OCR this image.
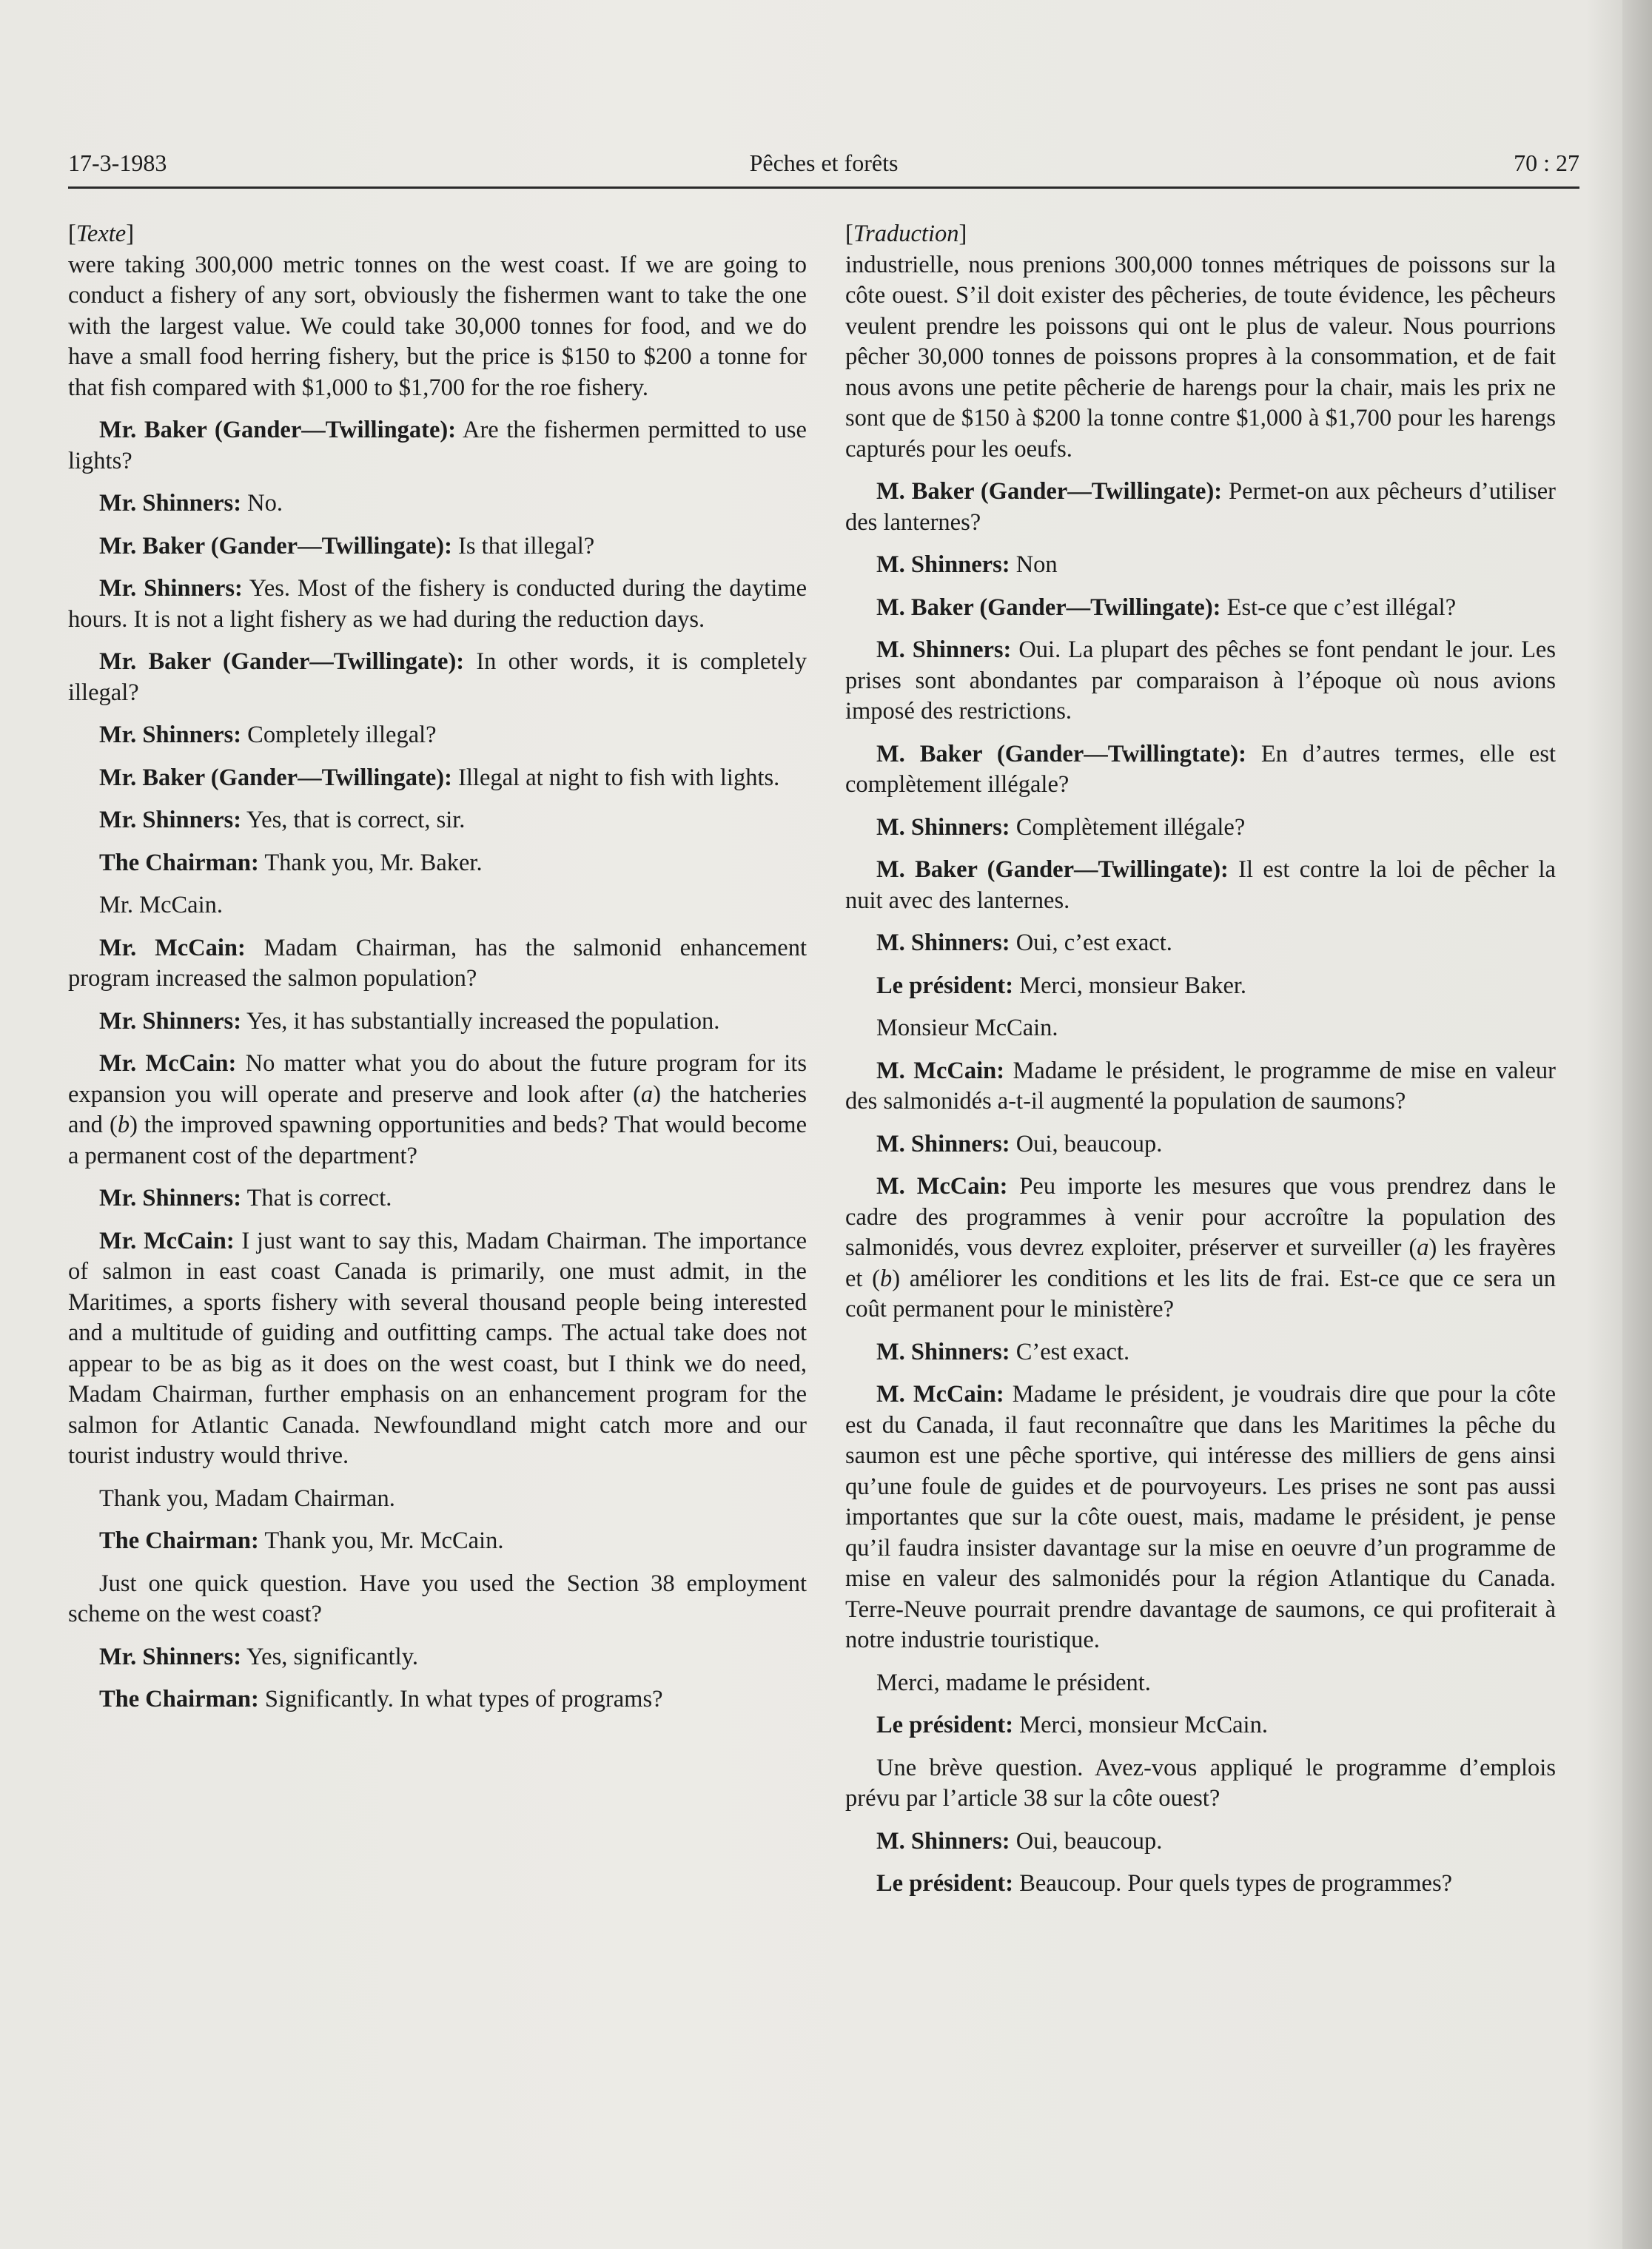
17-3-1983	Pêches et forêts	70 : 27

[Texte]

were taking 300,000 metric tonnes on the west coast. If we are going to conduct a fishery of any sort, obviously the fishermen want to take the one with the largest value. We could take 30,000 tonnes for food, and we do have a small food herring fishery, but the price is $150 to $200 a tonne for that fish compared with $1,000 to $1,700 for the roe fishery.

Mr. Baker (Gander—Twillingate): Are the fishermen permitted to use lights?

Mr. Shinners: No.

Mr. Baker (Gander—Twillingate): Is that illegal?

Mr. Shinners: Yes. Most of the fishery is conducted during the daytime hours. It is not a light fishery as we had during the reduction days.

Mr. Baker (Gander—Twillingate): In other words, it is completely illegal?

Mr. Shinners: Completely illegal?

Mr. Baker (Gander—Twillingate): Illegal at night to fish with lights.

Mr. Shinners: Yes, that is correct, sir.

The Chairman: Thank you, Mr. Baker.

Mr. McCain.

Mr. McCain: Madam Chairman, has the salmonid enhancement program increased the salmon population?

Mr. Shinners: Yes, it has substantially increased the population.

Mr. McCain: No matter what you do about the future program for its expansion you will operate and preserve and look after (a) the hatcheries and (b) the improved spawning opportunities and beds? That would become a permanent cost of the department?

Mr. Shinners: That is correct.

Mr. McCain: I just want to say this, Madam Chairman. The importance of salmon in east coast Canada is primarily, one must admit, in the Maritimes, a sports fishery with several thousand people being interested and a multitude of guiding and outfitting camps. The actual take does not appear to be as big as it does on the west coast, but I think we do need, Madam Chairman, further emphasis on an enhancement program for the salmon for Atlantic Canada. Newfoundland might catch more and our tourist industry would thrive.

Thank you, Madam Chairman.

The Chairman: Thank you, Mr. McCain.

Just one quick question. Have you used the Section 38 employment scheme on the west coast?

Mr. Shinners: Yes, significantly.

The Chairman: Significantly. In what types of programs?

[Traduction]

industrielle, nous prenions 300,000 tonnes métriques de poissons sur la côte ouest. S’il doit exister des pêcheries, de toute évidence, les pêcheurs veulent prendre les poissons qui ont le plus de valeur. Nous pourrions pêcher 30,000 tonnes de poissons propres à la consommation, et de fait nous avons une petite pêcherie de harengs pour la chair, mais les prix ne sont que de $150 à $200 la tonne contre $1,000 à $1,700 pour les harengs capturés pour les oeufs.

M. Baker (Gander—Twillingate): Permet-on aux pêcheurs d’utiliser des lanternes?

M. Shinners: Non

M. Baker (Gander—Twillingate): Est-ce que c’est illégal?

M. Shinners: Oui. La plupart des pêches se font pendant le jour. Les prises sont abondantes par comparaison à l’époque où nous avions imposé des restrictions.

M. Baker (Gander—Twillingtate): En d’autres termes, elle est complètement illégale?

M. Shinners: Complètement illégale?

M. Baker (Gander—Twillingate): Il est contre la loi de pêcher la nuit avec des lanternes.

M. Shinners: Oui, c’est exact.

Le président: Merci, monsieur Baker.

Monsieur McCain.

M. McCain: Madame le président, le programme de mise en valeur des salmonidés a-t-il augmenté la population de saumons?

M. Shinners: Oui, beaucoup.

M. McCain: Peu importe les mesures que vous prendrez dans le cadre des programmes à venir pour accroître la population des salmonidés, vous devrez exploiter, préserver et surveiller (a) les frayères et (b) améliorer les conditions et les lits de frai. Est-ce que ce sera un coût permanent pour le ministère?

M. Shinners: C’est exact.

M. McCain: Madame le président, je voudrais dire que pour la côte est du Canada, il faut reconnaître que dans les Maritimes la pêche du saumon est une pêche sportive, qui intéresse des milliers de gens ainsi qu’une foule de guides et de pourvoyeurs. Les prises ne sont pas aussi importantes que sur la côte ouest, mais, madame le président, je pense qu’il faudra insister davantage sur la mise en oeuvre d’un programme de mise en valeur des salmonidés pour la région Atlantique du Canada. Terre-Neuve pourrait prendre davantage de saumons, ce qui profiterait à notre industrie touristique.

Merci, madame le président.

Le président: Merci, monsieur McCain.

Une brève question. Avez-vous appliqué le programme d’emplois prévu par l’article 38 sur la côte ouest?

M. Shinners: Oui, beaucoup.

Le président: Beaucoup. Pour quels types de programmes?
